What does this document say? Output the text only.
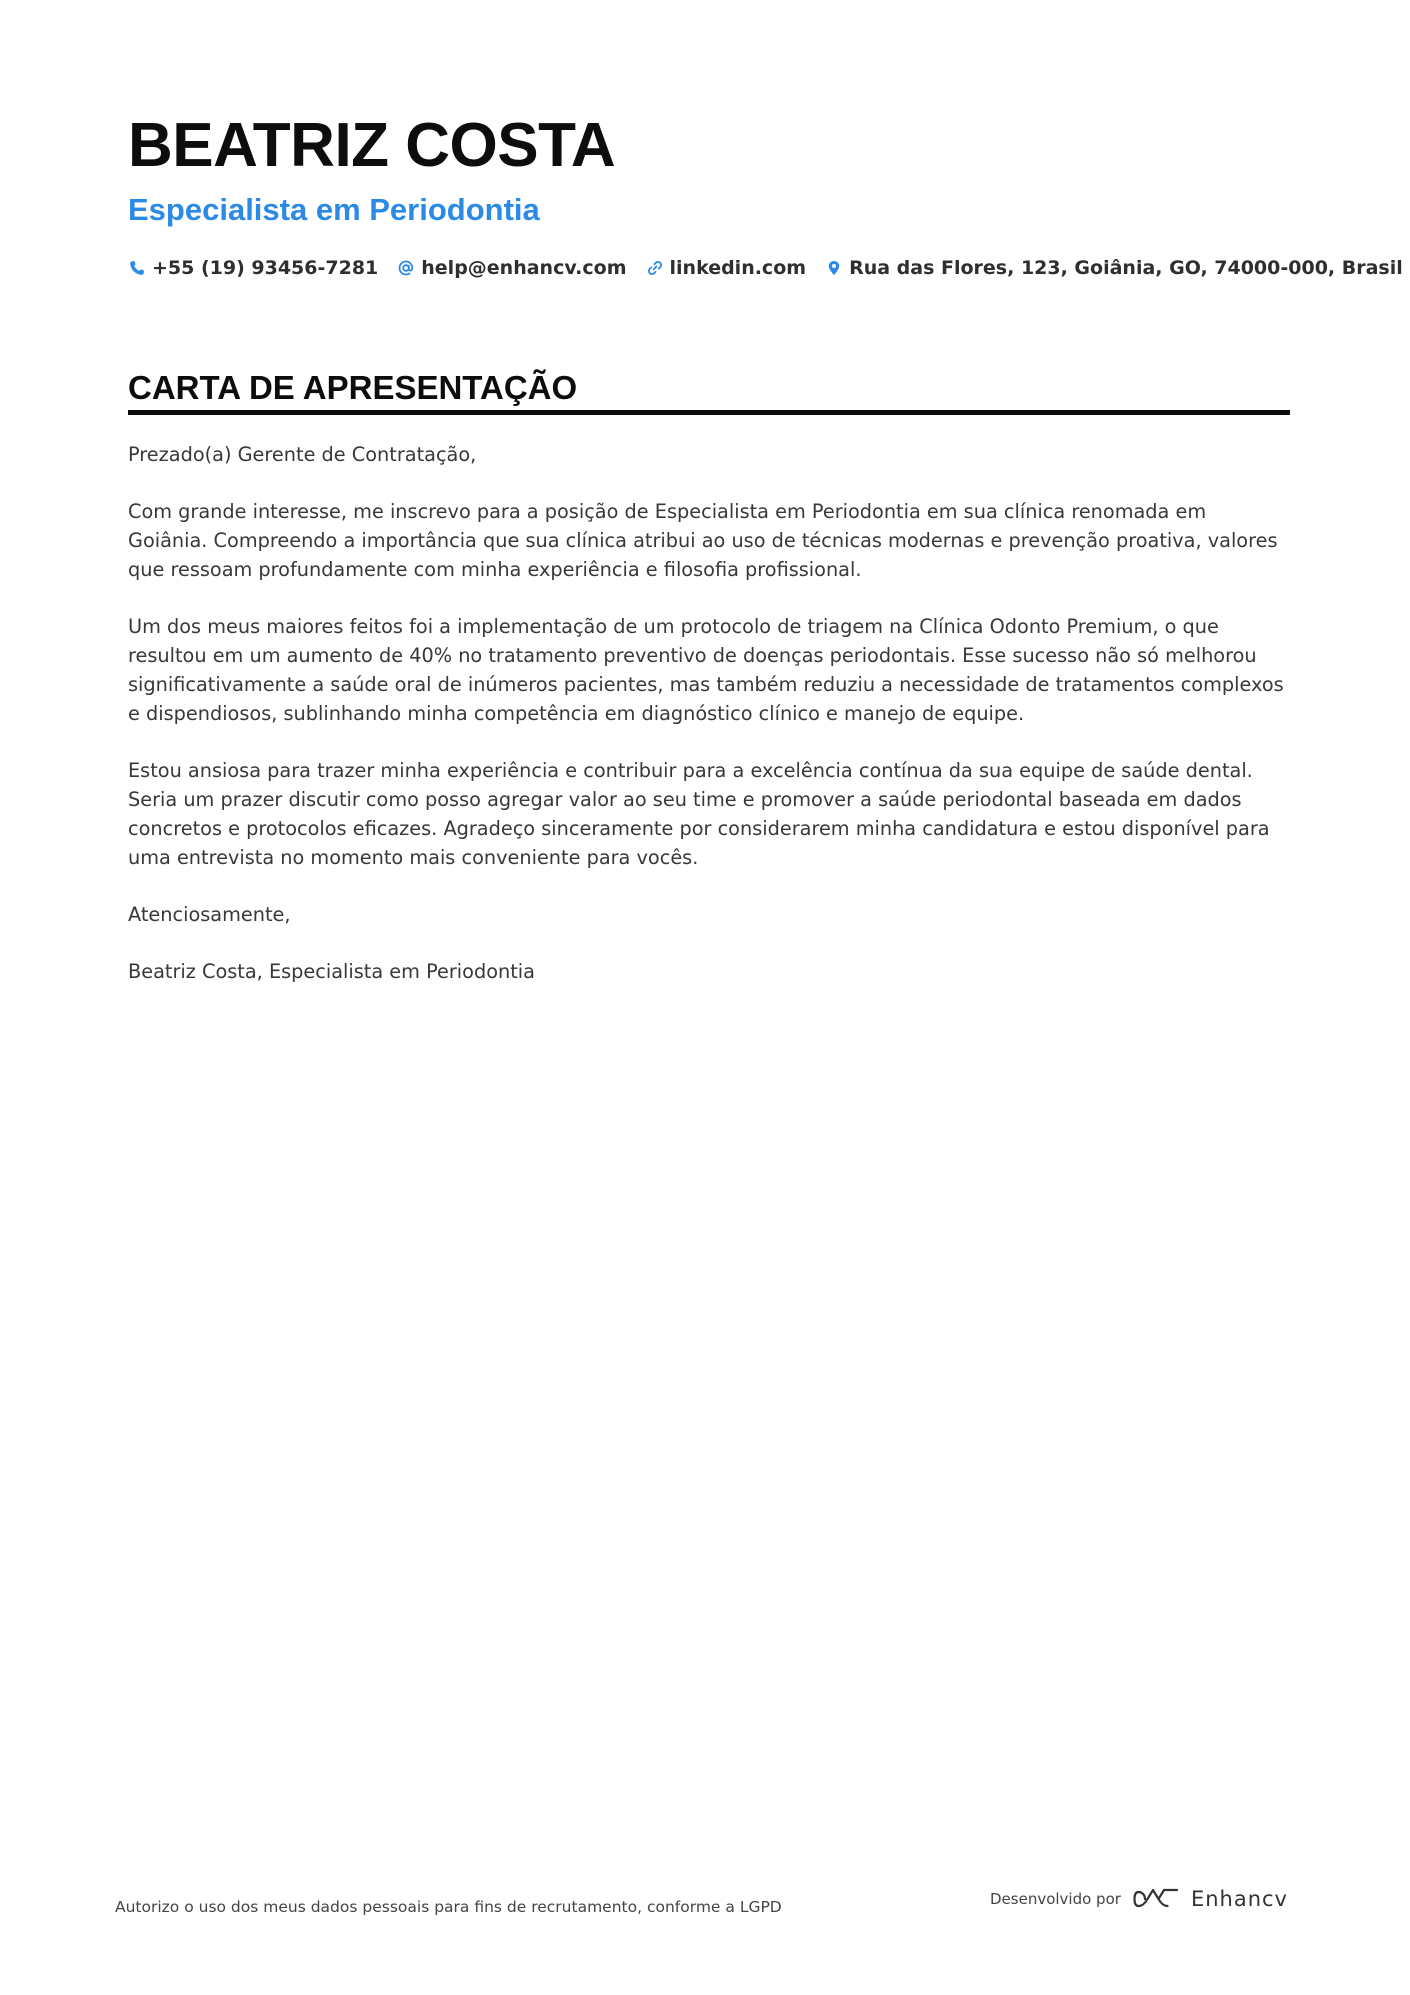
BEATRIZ COSTA
Especialista em Periodontia
+55 (19) 93456-7281 help@enhancv.com linkedin.com Rua das Flores, 123, Goiânia, GO, 74000-000, Brasil
CARTA DE APRESENTAÇÃO

Prezado(a) Gerente de Contratação,

Com grande interesse, me inscrevo para a posição de Especialista em Periodontia em sua clínica renomada em Goiânia. Compreendo a importância que sua clínica atribui ao uso de técnicas modernas e prevenção proativa, valores que ressoam profundamente com minha experiência e filosofia profissional.

Um dos meus maiores feitos foi a implementação de um protocolo de triagem na Clínica Odonto Premium, o que resultou em um aumento de 40% no tratamento preventivo de doenças periodontais. Esse sucesso não só melhorou significativamente a saúde oral de inúmeros pacientes, mas também reduziu a necessidade de tratamentos complexos e dispendiosos, sublinhando minha competência em diagnóstico clínico e manejo de equipe.

Estou ansiosa para trazer minha experiência e contribuir para a excelência contínua da sua equipe de saúde dental. Seria um prazer discutir como posso agregar valor ao seu time e promover a saúde periodontal baseada em dados concretos e protocolos eficazes. Agradeço sinceramente por considerarem minha candidatura e estou disponível para uma entrevista no momento mais conveniente para vocês.

Atenciosamente,

Beatriz Costa, Especialista em Periodontia

Autorizo o uso dos meus dados pessoais para fins de recrutamento, conforme a LGPD	Desenvolvido por	Enhancv
